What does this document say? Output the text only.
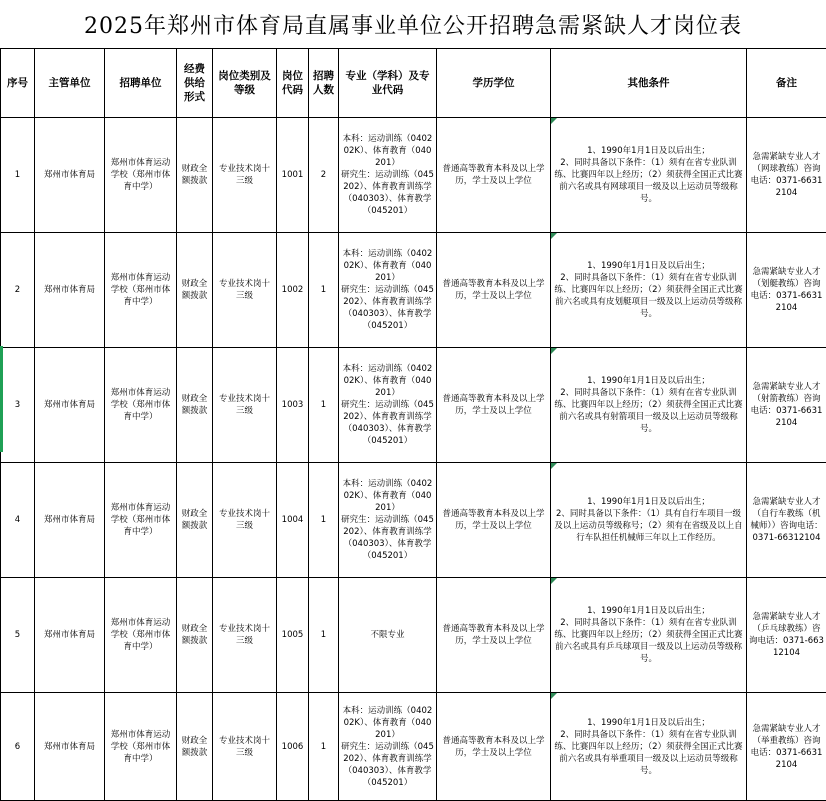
2025年郑州市体育局直属事业单位公开招聘急需紧缺人才岗位表
序号	主管单位	招聘单位	经费供给形式	岗位类别及等级	岗位代码	招聘人数	专业（学科）及专业代码	学历学位	其他条件	备注
1	郑州市体育局	郑州市体育运动学校（郑州市体育中学）	财政全额拨款	专业技术岗十三级	1001	2	本科：运动训练（040202K）、体育教育（040201）
研究生：运动训练（045202）、体育教育训练学（040303）、体育教学（045201）	普通高等教育本科及以上学历，学士及以上学位	1、1990年1月1日及以后出生；
2、同时具备以下条件：（1）须有在省专业队训练、比赛四年以上经历；（2）须获得全国正式比赛前六名或具有网球项目一级及以上运动员等级称号。	急需紧缺专业人才（网球教练）咨询电话：0371-66312104
2	郑州市体育局	郑州市体育运动学校（郑州市体育中学）	财政全额拨款	专业技术岗十三级	1002	1	本科：运动训练（040202K）、体育教育（040201）
研究生：运动训练（045202）、体育教育训练学（040303）、体育教学（045201）	普通高等教育本科及以上学历，学士及以上学位	1、1990年1月1日及以后出生；
2、同时具备以下条件：（1）须有在省专业队训练、比赛四年以上经历；（2）须获得全国正式比赛前六名或具有皮划艇项目一级及以上运动员等级称号。	急需紧缺专业人才（划艇教练）咨询电话：0371-66312104
3	郑州市体育局	郑州市体育运动学校（郑州市体育中学）	财政全额拨款	专业技术岗十三级	1003	1	本科：运动训练（040202K）、体育教育（040201）
研究生：运动训练（045202）、体育教育训练学（040303）、体育教学（045201）	普通高等教育本科及以上学历，学士及以上学位	1、1990年1月1日及以后出生；
2、同时具备以下条件：（1）须有在省专业队训练、比赛四年以上经历；（2）须获得全国正式比赛前六名或具有射箭项目一级及以上运动员等级称号。	急需紧缺专业人才（射箭教练）咨询电话：0371-66312104
4	郑州市体育局	郑州市体育运动学校（郑州市体育中学）	财政全额拨款	专业技术岗十三级	1004	1	本科：运动训练（040202K）、体育教育（040201）
研究生：运动训练（045202）、体育教育训练学（040303）、体育教学（045201）	普通高等教育本科及以上学历，学士及以上学位	1、1990年1月1日及以后出生；
2、同时具备以下条件：（1）具有自行车项目一级及以上运动员等级称号；（2）须有在省级及以上自行车队担任机械师三年以上工作经历。	急需紧缺专业人才（自行车教练（机械师））咨询电话：0371-66312104
5	郑州市体育局	郑州市体育运动学校（郑州市体育中学）	财政全额拨款	专业技术岗十三级	1005	1	不限专业	普通高等教育本科及以上学历，学士及以上学位	1、1990年1月1日及以后出生；
2、同时具备以下条件：（1）须有在省专业队训练、比赛四年以上经历；（2）须获得全国正式比赛前六名或具有乒乓球项目一级及以上运动员等级称号。	急需紧缺专业人才（乒乓球教练）咨询电话：0371-66312104
6	郑州市体育局	郑州市体育运动学校（郑州市体育中学）	财政全额拨款	专业技术岗十三级	1006	1	本科：运动训练（040202K）、体育教育（040201）
研究生：运动训练（045202）、体育教育训练学（040303）、体育教学（045201）	普通高等教育本科及以上学历，学士及以上学位	1、1990年1月1日及以后出生；
2、同时具备以下条件：（1）须有在省专业队训练、比赛四年以上经历；（2）须获得全国正式比赛前六名或具有举重项目一级及以上运动员等级称号。	急需紧缺专业人才（举重教练）咨询电话：0371-66312104
